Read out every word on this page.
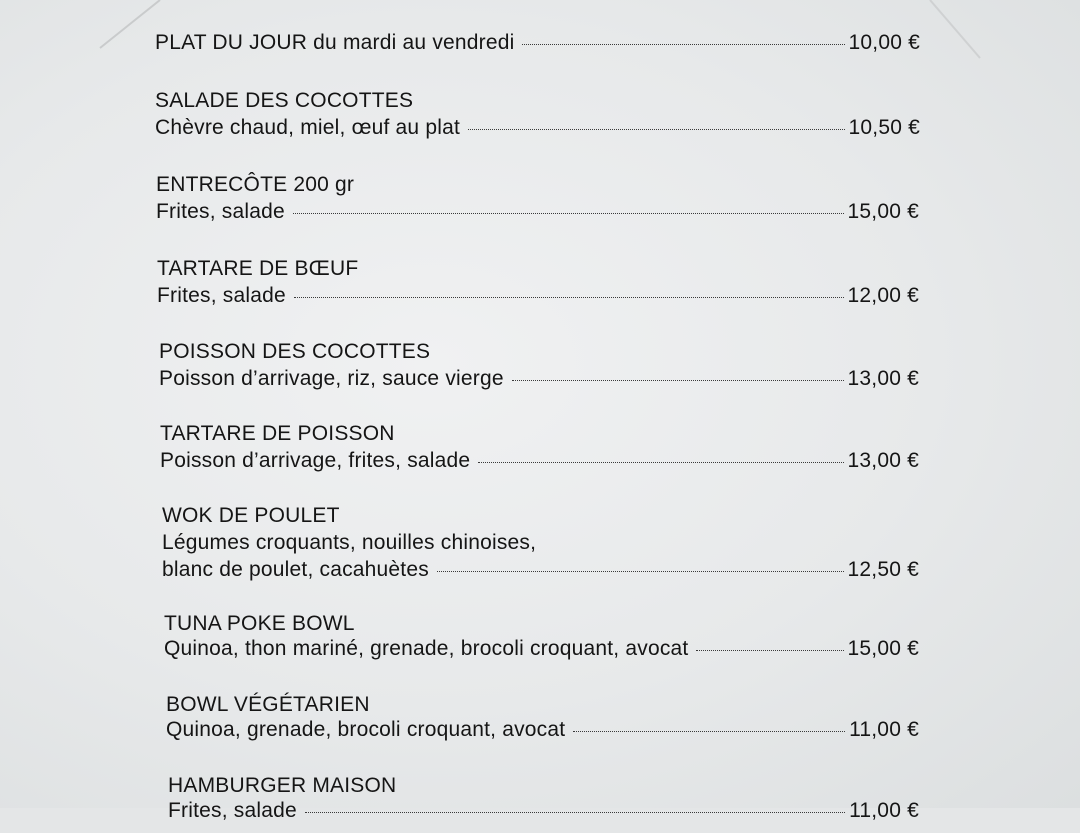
PLAT DU JOUR du mardi au vendredi	10,00 €
SALADE DES COCOTTES
Chèvre chaud, miel, œuf au plat	10,50 €
ENTRECÔTE 200 gr
Frites, salade	15,00 €
TARTARE DE BŒUF
Frites, salade	12,00 €
POISSON DES COCOTTES
Poisson d’arrivage, riz, sauce vierge	13,00 €
TARTARE DE POISSON
Poisson d’arrivage, frites, salade	13,00 €
WOK DE POULET
Légumes croquants, nouilles chinoises,
blanc de poulet, cacahuètes	12,50 €
TUNA POKE BOWL
Quinoa, thon mariné, grenade, brocoli croquant, avocat	15,00 €
BOWL VÉGÉTARIEN
Quinoa, grenade, brocoli croquant, avocat	11,00 €
HAMBURGER MAISON
Frites, salade	11,00 €
